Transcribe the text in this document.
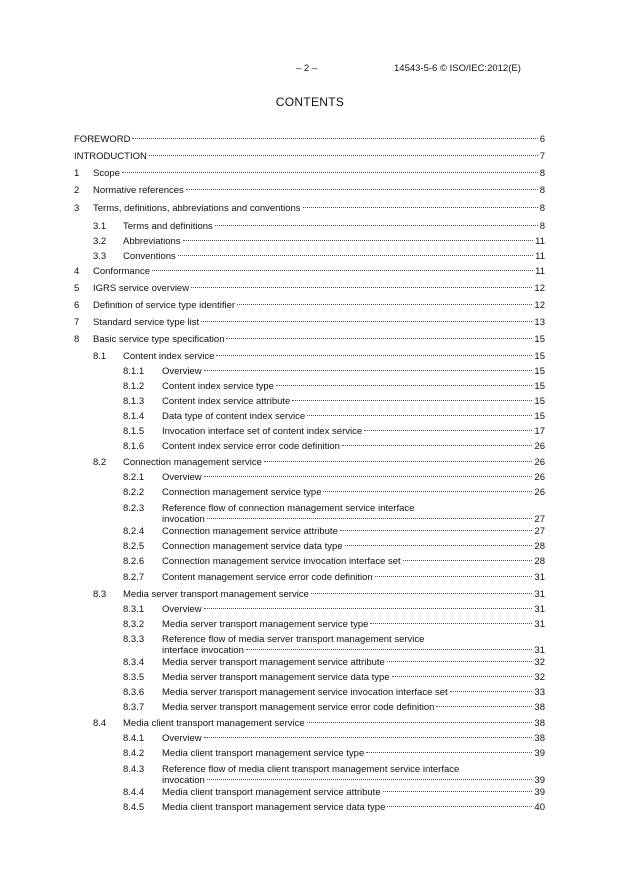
– 2 –	14543-5-6 © ISO/IEC:2012(E)
CONTENTS
FOREWORD	6
INTRODUCTION	7
1 Scope	8
2 Normative references	8
3 Terms, definitions, abbreviations and conventions	8
3.1 Terms and definitions	8
3.2 Abbreviations	11
3.3 Conventions	11
4 Conformance	11
5 IGRS service overview	12
6 Definition of service type identifier	12
7 Standard service type list	13
8 Basic service type specification	15
8.1 Content index service	15
8.1.1 Overview	15
8.1.2 Content index service type	15
8.1.3 Content index service attribute	15
8.1.4 Data type of content index service	15
8.1.5 Invocation interface set of content index service	17
8.1.6 Content index service error code definition	26
8.2 Connection management service	26
8.2.1 Overview	26
8.2.2 Connection management service type	26
8.2.3 Reference flow of connection management service interface
invocation	27
8.2.4 Connection management service attribute	27
8.2.5 Connection management service data type	28
8.2.6 Connection management service invocation interface set	28
8.2.7 Content management service error code definition	31
8.3 Media server transport management service	31
8.3.1 Overview	31
8.3.2 Media server transport management service type	31
8.3.3 Reference flow of media server transport management service
interface invocation	31
8.3.4 Media server transport management service attribute	32
8.3.5 Media server transport management service data type	32
8.3.6 Media server transport management service invocation interface set	33
8.3.7 Media server transport management service error code definition	38
8.4 Media client transport management service	38
8.4.1 Overview	38
8.4.2 Media client transport management service type	39
8.4.3 Reference flow of media client transport management service interface
invocation	39
8.4.4 Media client transport management service attribute	39
8.4.5 Media client transport management service data type	40
